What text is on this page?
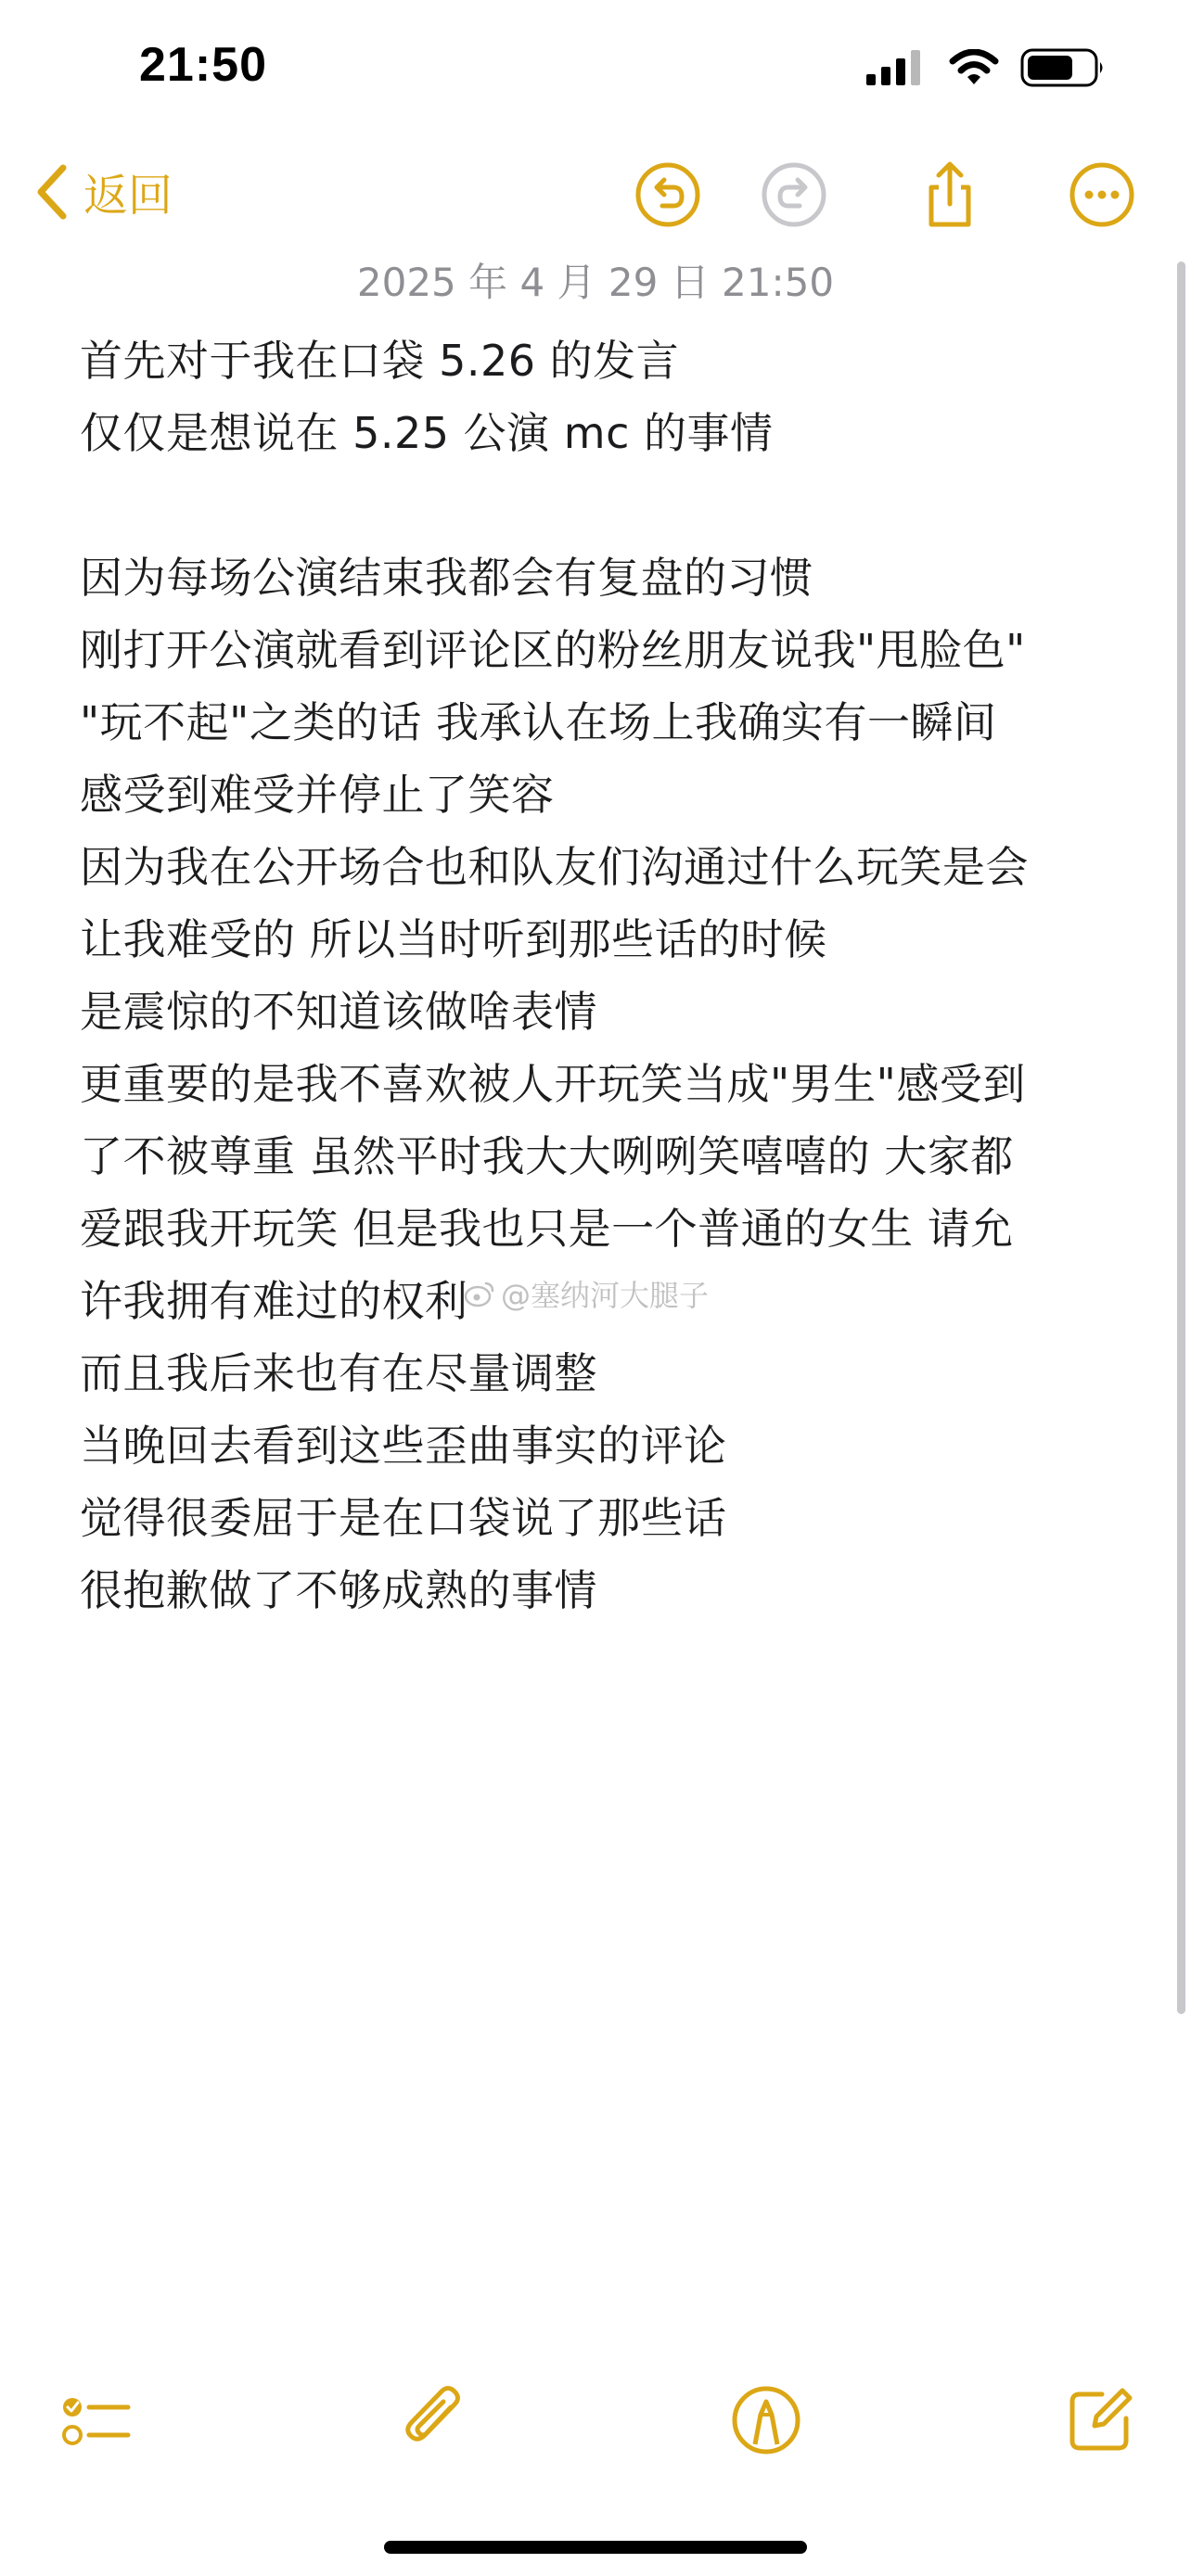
21:50
返回
2025 年 4 月 29 日 21:50
首先对于我在口袋 5.26 的发言
仅仅是想说在 5.25 公演 mc 的事情
因为每场公演结束我都会有复盘的习惯
刚打开公演就看到评论区的粉丝朋友说我"甩脸色"
"玩不起"之类的话 我承认在场上我确实有一瞬间
感受到难受并停止了笑容
因为我在公开场合也和队友们沟通过什么玩笑是会
让我难受的 所以当时听到那些话的时候
是震惊的不知道该做啥表情
更重要的是我不喜欢被人开玩笑当成"男生"感受到
了不被尊重 虽然平时我大大咧咧笑嘻嘻的 大家都
爱跟我开玩笑 但是我也只是一个普通的女生 请允
许我拥有难过的权利
而且我后来也有在尽量调整
当晚回去看到这些歪曲事实的评论
觉得很委屈于是在口袋说了那些话
很抱歉做了不够成熟的事情
@塞纳河大腿子
